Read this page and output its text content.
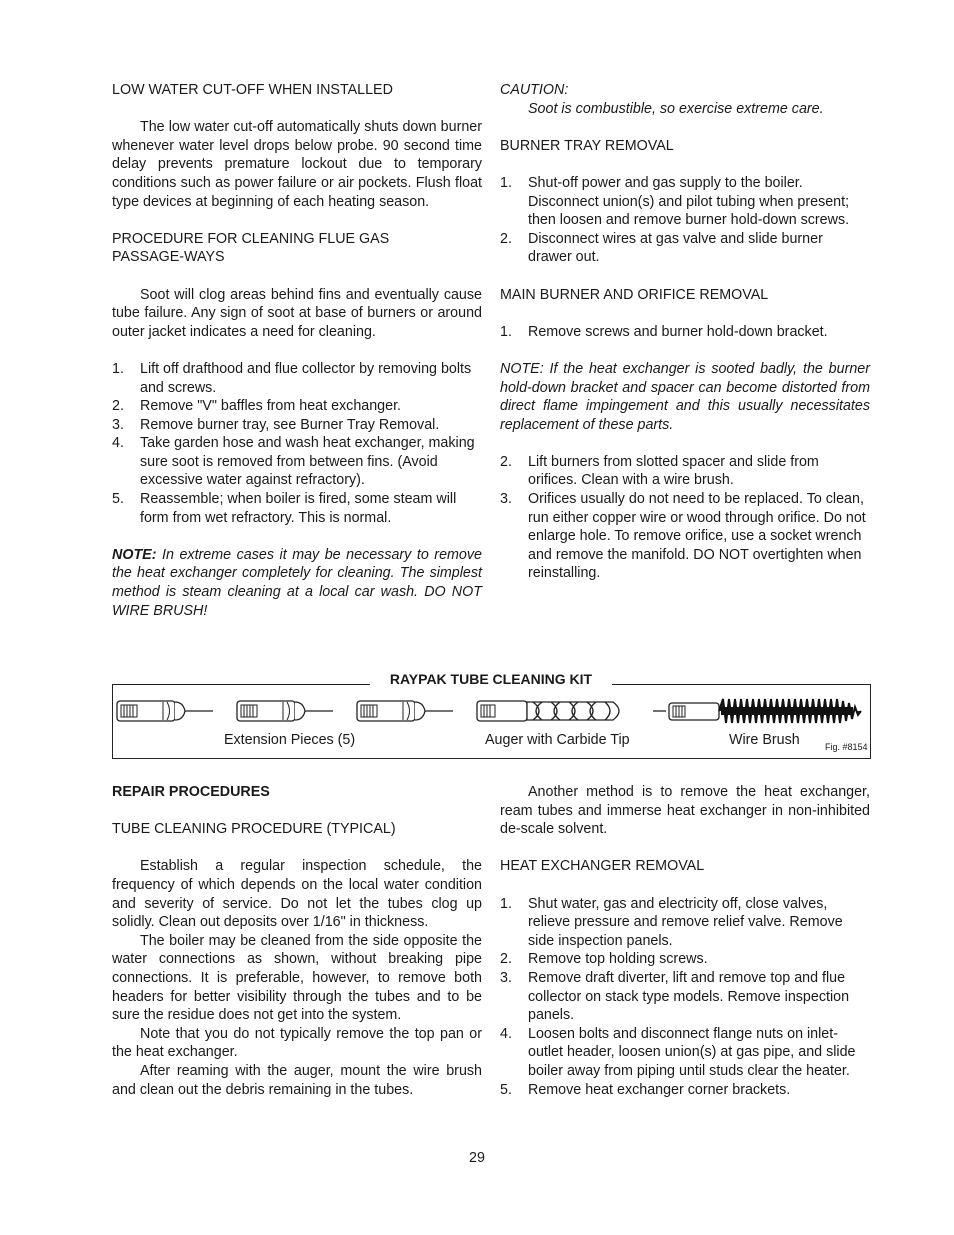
LOW WATER CUT-OFF WHEN INSTALLED

The low water cut-off automatically shuts down burner whenever water level drops below probe. 90 second time delay prevents premature lockout due to temporary conditions such as power failure or air pockets. Flush float type devices at beginning of each heating season.

PROCEDURE FOR CLEANING FLUE GAS

PASSAGE-WAYS

Soot will clog areas behind fins and eventually cause tube failure. Any sign of soot at base of burners or around outer jacket indicates a need for cleaning.

1. Lift off drafthood and flue collector by removing bolts and screws.
2. Remove "V" baffles from heat exchanger.
3. Remove burner tray, see Burner Tray Removal.
4. Take garden hose and wash heat exchanger, making sure soot is removed from between fins. (Avoid excessive water against refractory).
5. Reassemble; when boiler is fired, some steam will form from wet refractory. This is normal.

NOTE: In extreme cases it may be necessary to remove the heat exchanger completely for cleaning. The simplest method is steam cleaning at a local car wash. DO NOT WIRE BRUSH!

CAUTION:

Soot is combustible, so exercise extreme care.

BURNER TRAY REMOVAL

1. Shut-off power and gas supply to the boiler. Disconnect union(s) and pilot tubing when present; then loosen and remove burner hold-down screws.
2. Disconnect wires at gas valve and slide burner drawer out.

MAIN BURNER AND ORIFICE REMOVAL

1. Remove screws and burner hold-down bracket.

NOTE: If the heat exchanger is sooted badly, the burner hold-down bracket and spacer can become distorted from direct flame impingement and this usually necessitates replacement of these parts.

2. Lift burners from slotted spacer and slide from orifices. Clean with a wire brush.
3. Orifices usually do not need to be replaced. To clean, run either copper wire or wood through orifice. Do not enlarge hole. To remove orifice, use a socket wrench and remove the manifold. DO NOT overtighten when reinstalling.
Extension Pieces (5)	Auger with Carbide Tip	Wire Brush
RAYPAK TUBE CLEANING KIT
Fig. #8154

REPAIR PROCEDURES

TUBE CLEANING PROCEDURE (TYPICAL)

Establish a regular inspection schedule, the frequency of which depends on the local water condition and severity of service. Do not let the tubes clog up solidly. Clean out deposits over 1/16" in thickness.

The boiler may be cleaned from the side opposite the water connections as shown, without breaking pipe connections. It is preferable, however, to remove both headers for better visibility through the tubes and to be sure the residue does not get into the system.

Note that you do not typically remove the top pan or the heat exchanger.

After reaming with the auger, mount the wire brush and clean out the debris remaining in the tubes.

Another method is to remove the heat exchanger, ream tubes and immerse heat exchanger in non-inhibited de-scale solvent.

HEAT EXCHANGER REMOVAL

1. Shut water, gas and electricity off, close valves, relieve pressure and remove relief valve. Remove side inspection panels.
2. Remove top holding screws.
3. Remove draft diverter, lift and remove top and flue collector on stack type models. Remove inspection panels.
4. Loosen bolts and disconnect flange nuts on inlet-outlet header, loosen union(s) at gas pipe, and slide boiler away from piping until studs clear the heater.
5. Remove heat exchanger corner brackets.
29
